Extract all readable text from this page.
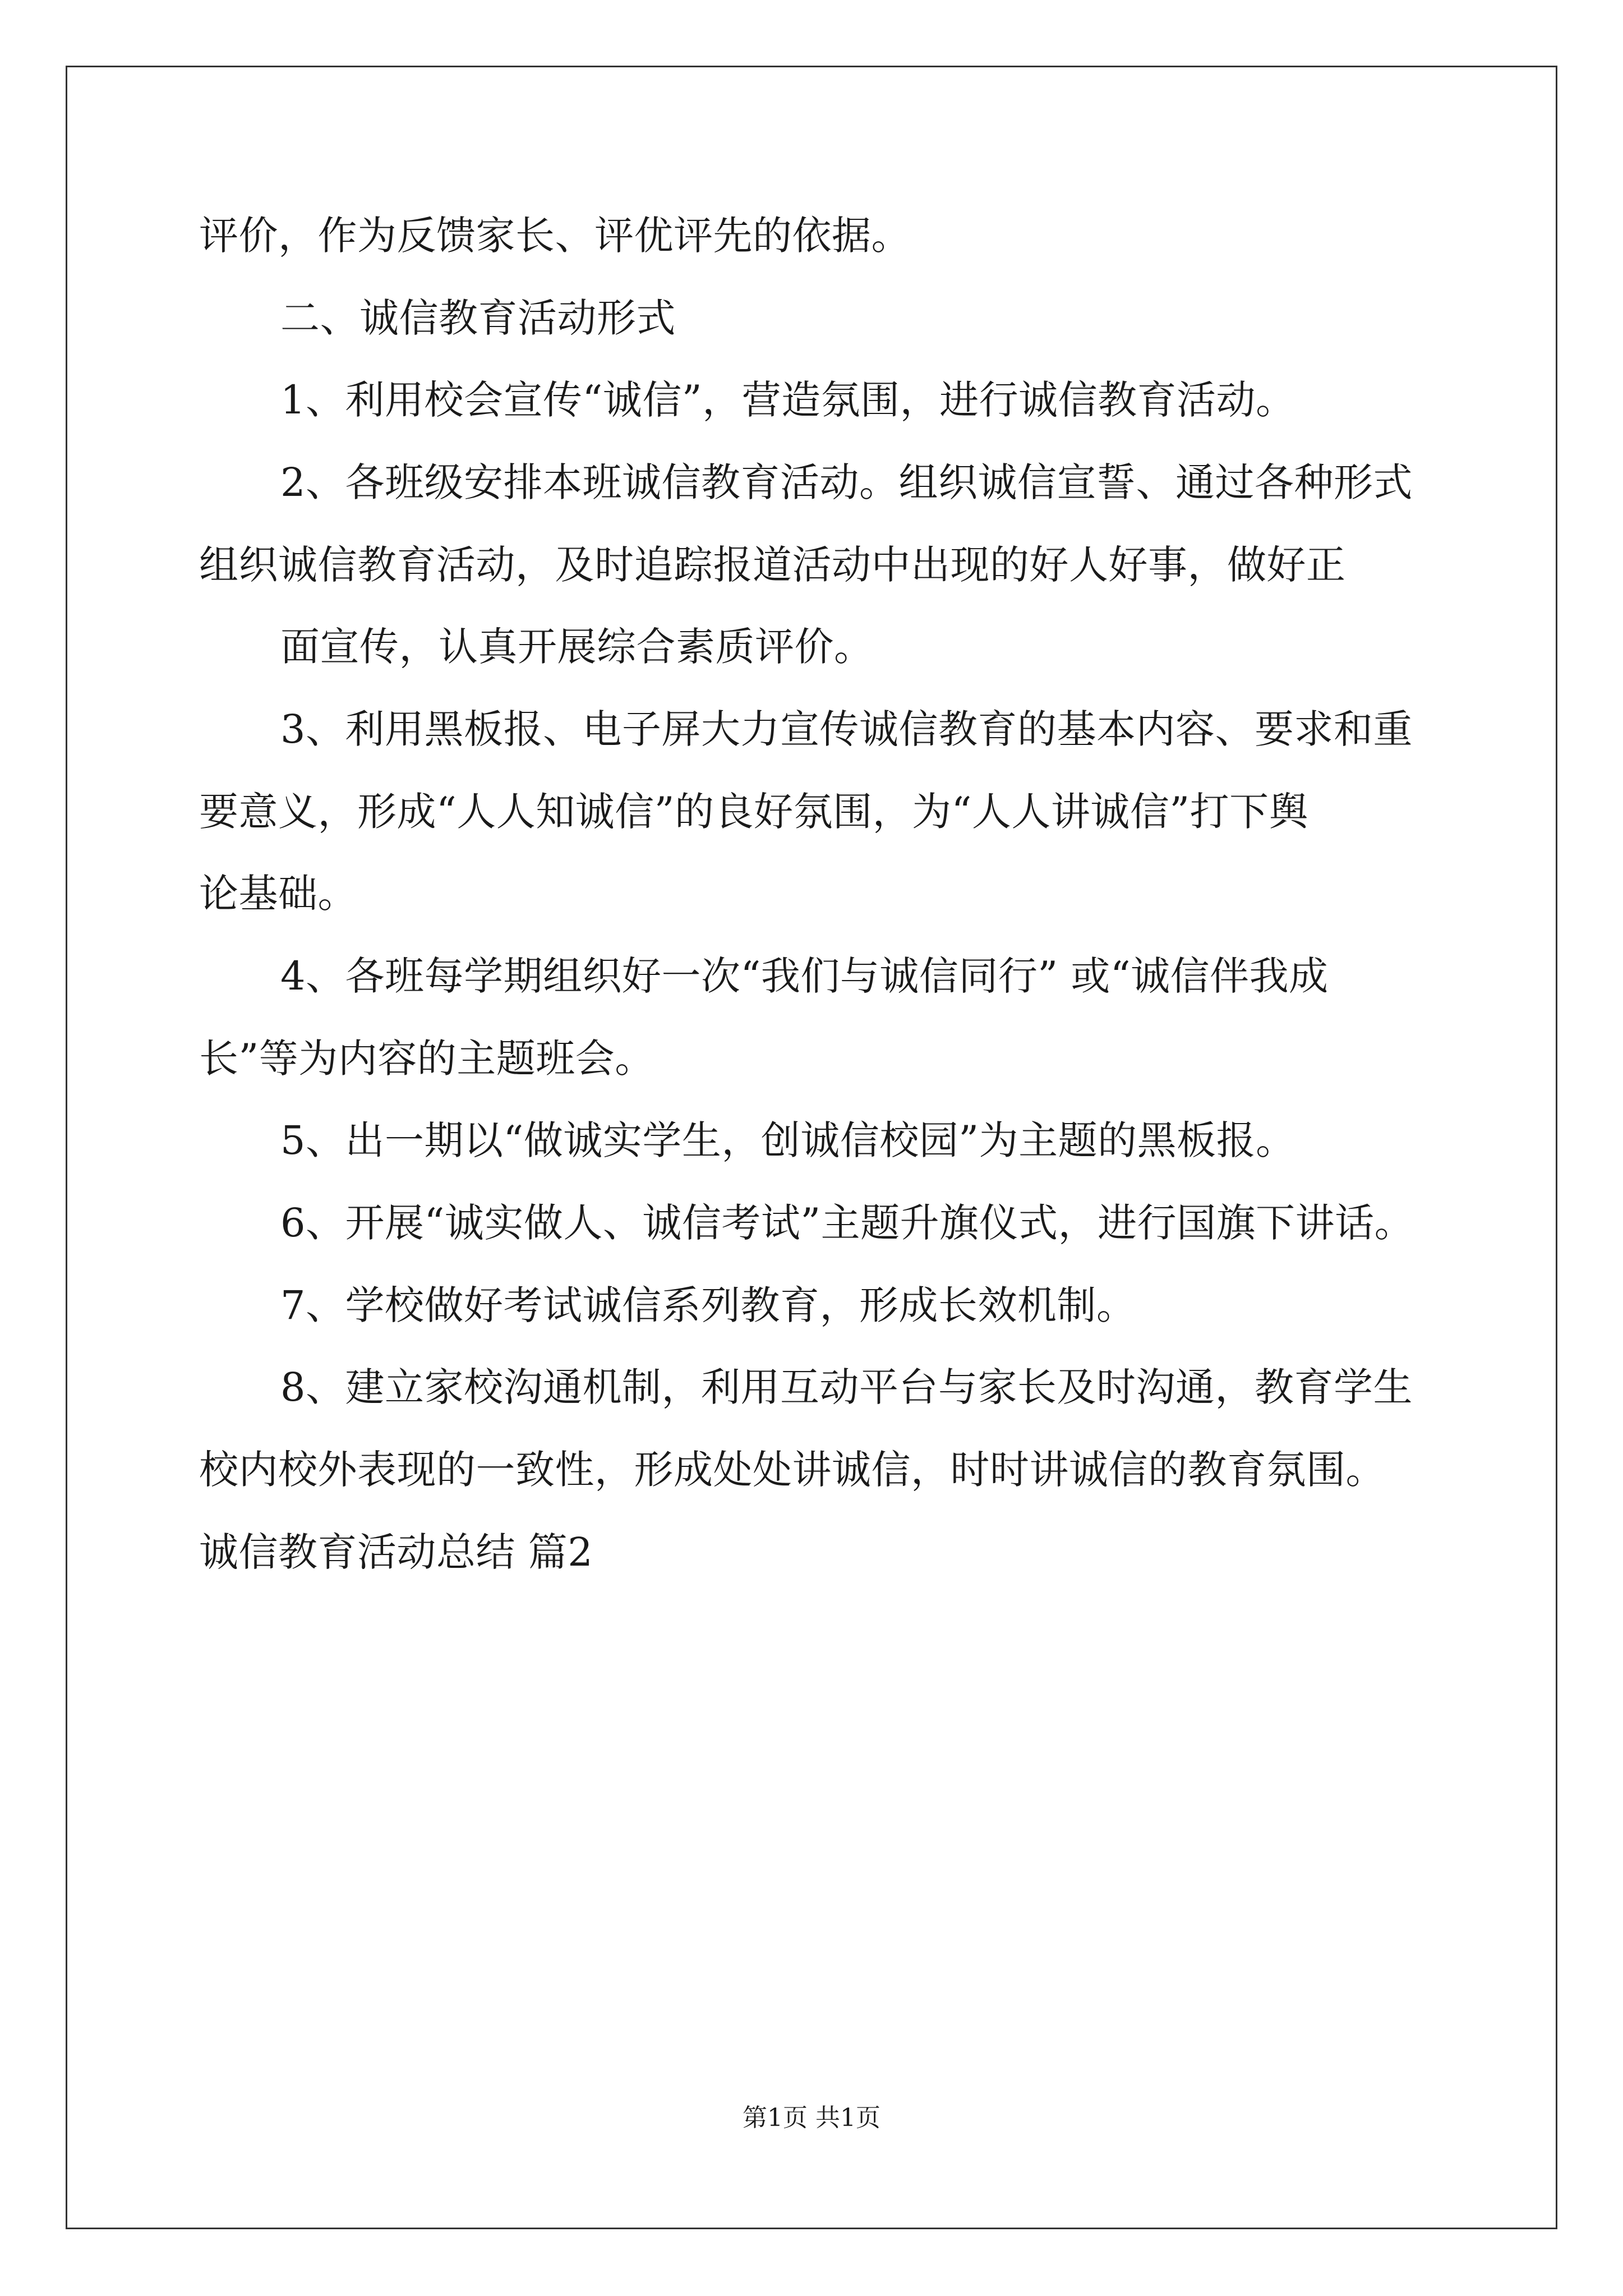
评价，作为反馈家长、评优评先的依据。
二、诚信教育活动形式
1、利用校会宣传“诚信”，营造氛围，进行诚信教育活动。
2、各班级安排本班诚信教育活动。组织诚信宣誓、通过各种形式
组织诚信教育活动，及时追踪报道活动中出现的好人好事，做好正
面宣传，认真开展综合素质评价。
3、利用黑板报、电子屏大力宣传诚信教育的基本内容、要求和重
要意义，形成“人人知诚信”的良好氛围，为“人人讲诚信”打下舆
论基础。
4、各班每学期组织好一次“我们与诚信同行” 或“诚信伴我成
长”等为内容的主题班会。
5、出一期以“做诚实学生，创诚信校园”为主题的黑板报。
6、开展“诚实做人、诚信考试”主题升旗仪式，进行国旗下讲话。
7、学校做好考试诚信系列教育，形成长效机制。
8、建立家校沟通机制，利用互动平台与家长及时沟通，教育学生
校内校外表现的一致性，形成处处讲诚信，时时讲诚信的教育氛围。
诚信教育活动总结 篇2
第1页 共1页
